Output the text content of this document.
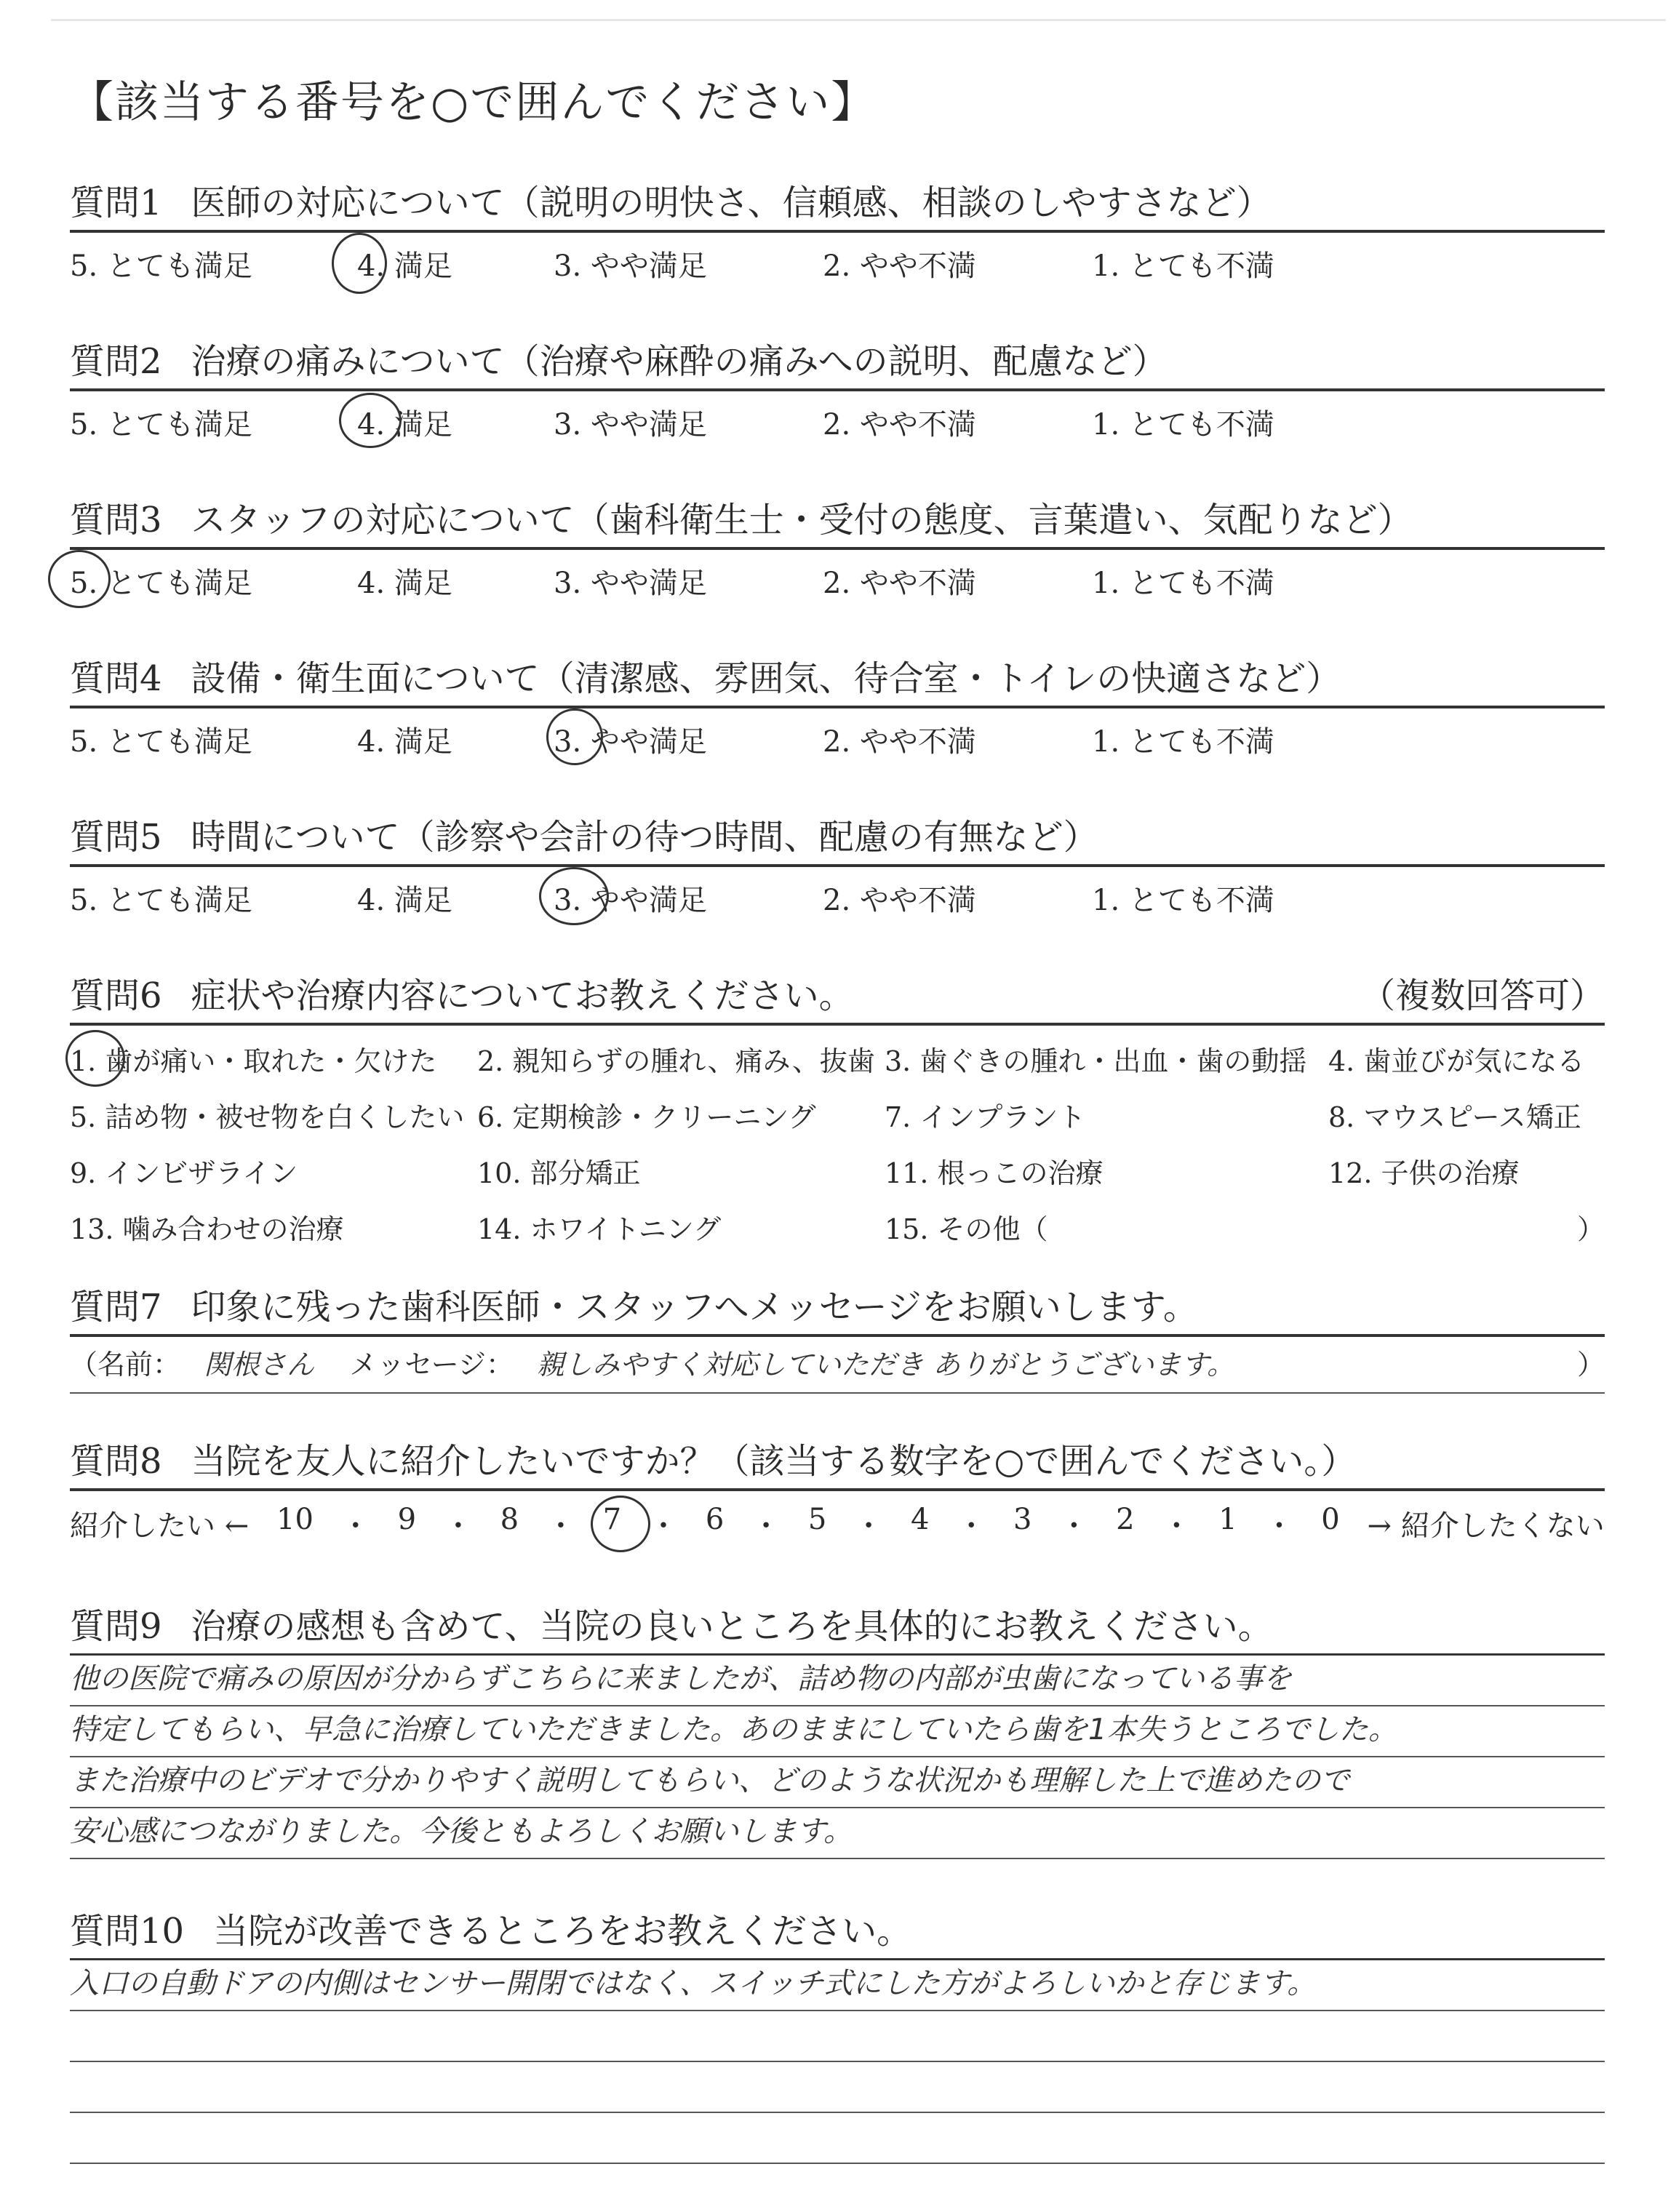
【該当する番号を○で囲んでください】
質問1 医師の対応について（説明の明快さ、信頼感、相談のしやすさなど）
5. とても満足	4. 満足	3. やや満足	2. やや不満	1. とても不満
質問2 治療の痛みについて（治療や麻酔の痛みへの説明、配慮など）
5. とても満足	4. 満足	3. やや満足	2. やや不満	1. とても不満
質問3 スタッフの対応について（歯科衛生士・受付の態度、言葉遣い、気配りなど）
5. とても満足	4. 満足	3. やや満足	2. やや不満	1. とても不満
質問4 設備・衛生面について（清潔感、雰囲気、待合室・トイレの快適さなど）
5. とても満足	4. 満足	3. やや満足	2. やや不満	1. とても不満
質問5 時間について（診察や会計の待つ時間、配慮の有無など）
5. とても満足	4. 満足	3. やや満足	2. やや不満	1. とても不満
質問6 症状や治療内容についてお教えください。	（複数回答可）
1. 歯が痛い・取れた・欠けた	2. 親知らずの腫れ、痛み、抜歯 3. 歯ぐきの腫れ・出血・歯の動揺 4. 歯並びが気になる
5. 詰め物・被せ物を白くしたい 6. 定期検診・クリーニング	7. インプラント	8. マウスピース矯正
9. インビザライン	10. 部分矯正	11. 根っこの治療	12. 子供の治療
13. 噛み合わせの治療	14. ホワイトニング	15. その他（	）
質問7 印象に残った歯科医師・スタッフへメッセージをお願いします。
（名前： 関根さん メッセージ： 親しみやすく対応していただき ありがとうございます。	）
質問8 当院を友人に紹介したいですか？（該当する数字を○で囲んでください。）
紹介したい ← 10 ・ 9 ・ 8 ・ 7 ・ 6 ・ 5 ・ 4 ・ 3 ・ 2 ・ 1 ・ 0 → 紹介したくない
質問9 治療の感想も含めて、当院の良いところを具体的にお教えください。
他の医院で痛みの原因が分からずこちらに来ましたが、詰め物の内部が虫歯になっている事を
特定してもらい、早急に治療していただきました。あのままにしていたら歯を1本失うところでした。
また治療中のビデオで分かりやすく説明してもらい、どのような状況かも理解した上で進めたので
安心感につながりました。今後ともよろしくお願いします。
質問10 当院が改善できるところをお教えください。
入口の自動ドアの内側はセンサー開閉ではなく、スイッチ式にした方がよろしいかと存じます。
